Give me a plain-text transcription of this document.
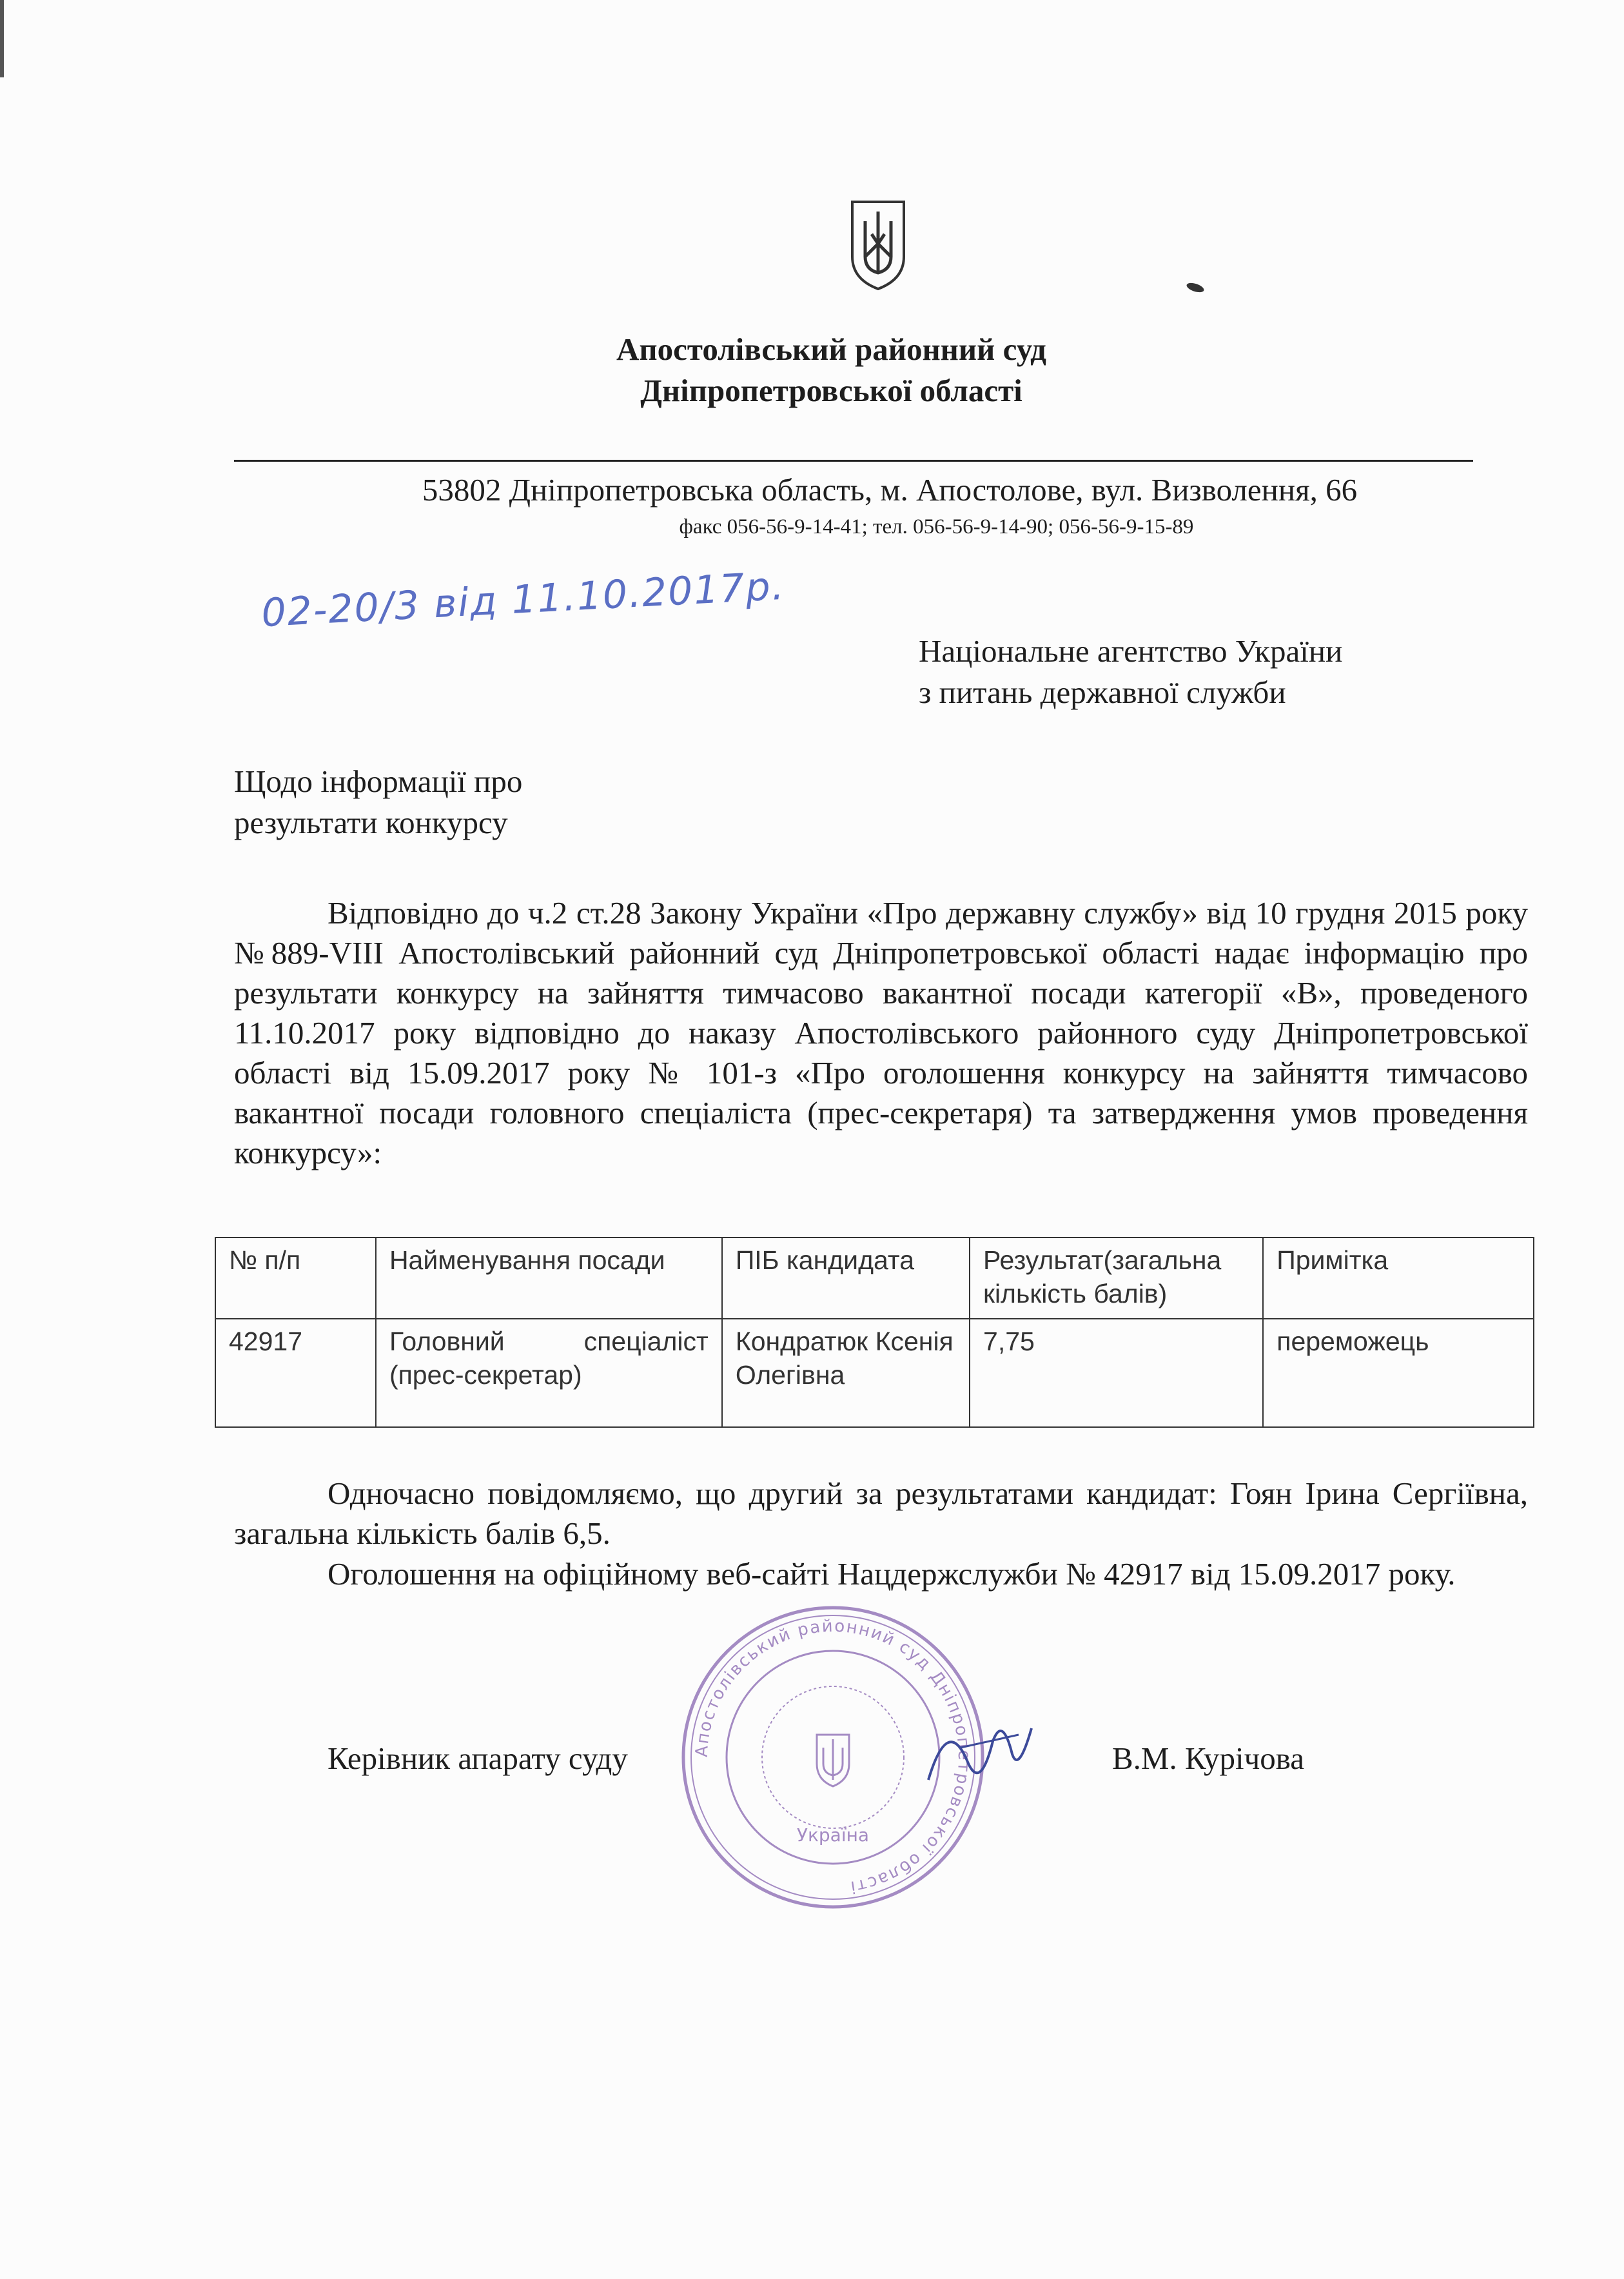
Апостолівський районний суд
Дніпропетровської області
53802 Дніпропетровська область, м. Апостолове, вул. Визволення, 66
факс 056-56-9-14-41; тел. 056-56-9-14-90; 056-56-9-15-89
02-20/3 від 11.10.2017р.
Національне агентство України
з питань державної служби
Щодо інформації про
результати конкурсу

Відповідно до ч.2 ст.28 Закону України «Про державну службу» від 10 грудня 2015 року №889-VIII Апостолівський районний суд Дніпропетровської області надає інформацію про результати конкурсу на зайняття тимчасово вакантної посади категорії «В», проведеного 11.10.2017 року відповідно до наказу Апостолівського районного суду Дніпропетровської області від 15.09.2017 року № 101-з «Про оголошення конкурсу на зайняття тимчасово вакантної посади головного спеціаліста (прес-секретаря) та затвердження умов проведення конкурсу»:

№ п/п	Найменування посади	ПІБ кандидата	Результат(загальна кількість балів)	Примітка
42917	Головний спеціаліст (прес-секретар)	Кондратюк Ксенія Олегівна	7,75	переможець

Одночасно повідомляємо, що другий за результатами кандидат: Гоян Ірина Сергіївна, загальна кількість балів 6,5.

Оголошення на офіційному веб-сайті Нацдержслужби № 42917 від 15.09.2017 року.

Апостолівський районний суд Дніпропетровської області
Україна
Керівник апарату суду	В.М. Курічова
